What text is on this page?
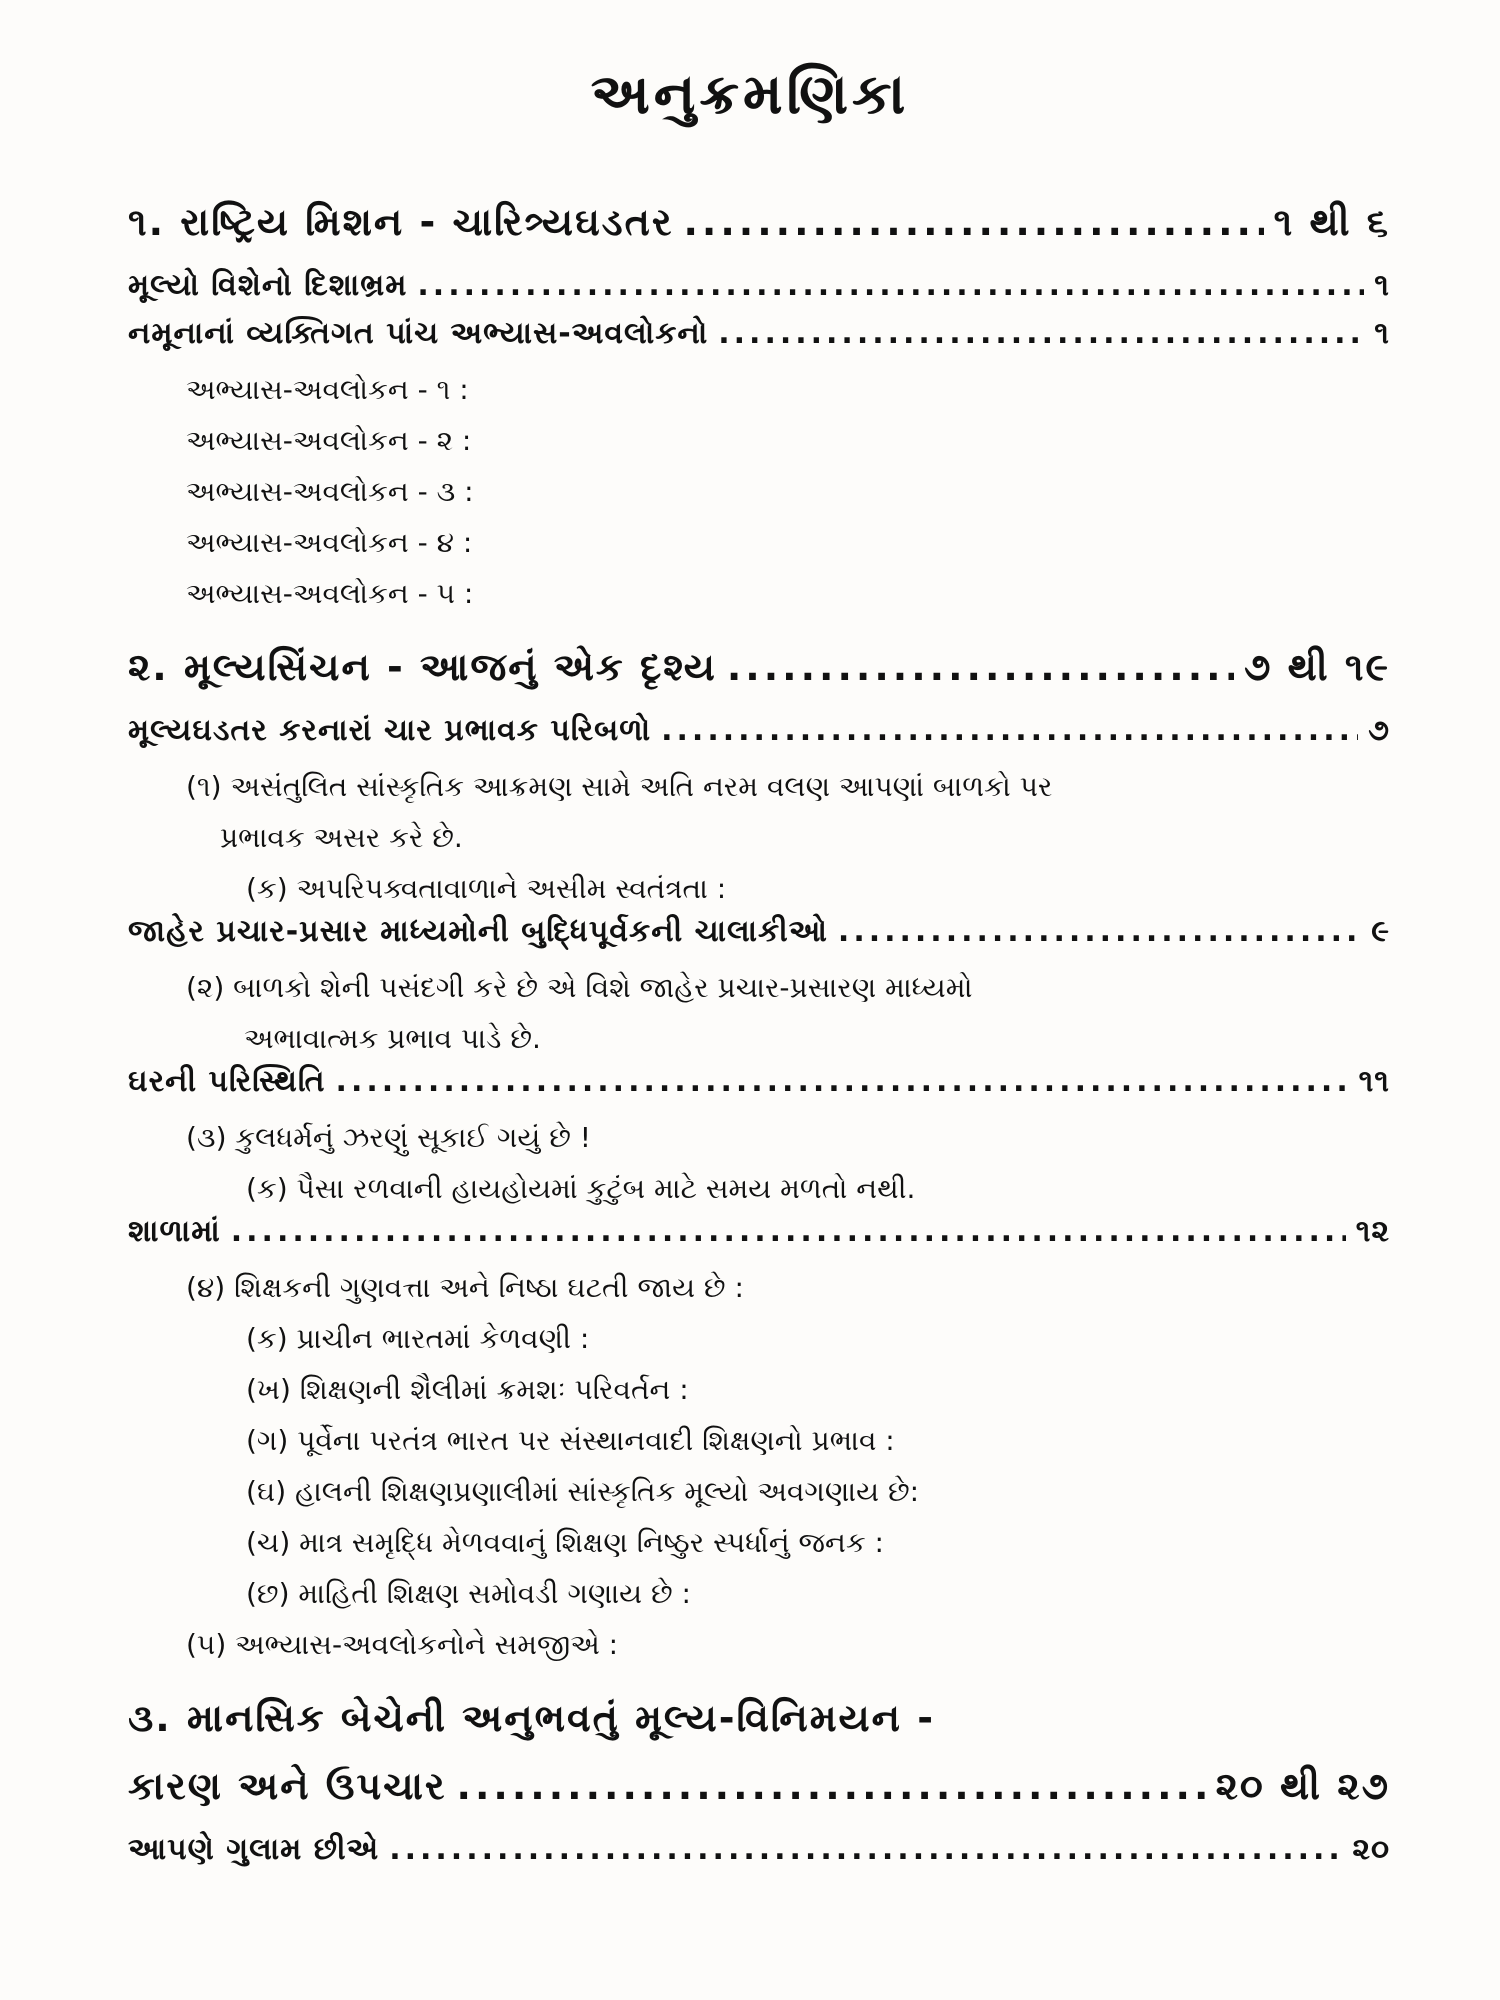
અનુક્રમણિકા
૧. રાષ્ટ્રિય મિશન - ચારિત્ર્યઘડતર .....	૧ થી ૬
મૂલ્યો વિશેનો દિશાભ્રમ .....	૧
નમૂનાનાં વ્યક્તિગત પાંચ અભ્યાસ-અવલોકનો .....	૧
અભ્યાસ-અવલોકન - ૧ :
અભ્યાસ-અવલોકન - ૨ :
અભ્યાસ-અવલોકન - ૩ :
અભ્યાસ-અવલોકન - ૪ :
અભ્યાસ-અવલોકન - ૫ :
૨. મૂલ્યસિંચન - આજનું એક દૃશ્ય .....	૭ થી ૧૯
મૂલ્યઘડતર કરનારાં ચાર પ્રભાવક પરિબળો .....	૭
(૧) અસંતુલિત સાંસ્કૃતિક આક્રમણ સામે અતિ નરમ વલણ આપણાં બાળકો પર
પ્રભાવક અસર કરે છે.
(ક) અપરિપક્વતાવાળાને અસીમ સ્વતંત્રતા :
જાહેર પ્રચાર-પ્રસાર માધ્યમોની બુદ્ધિપૂર્વકની ચાલાકીઓ .....	૯
(૨) બાળકો શેની પસંદગી કરે છે એ વિશે જાહેર પ્રચાર-પ્રસારણ માધ્યમો
અભાવાત્મક પ્રભાવ પાડે છે.
ઘરની પરિસ્થિતિ .....	૧૧
(૩) કુલધર્મનું ઝરણું સૂકાઈ ગયું છે !
(ક) પૈસા રળવાની હાયહોયમાં કુટુંબ માટે સમય મળતો નથી.
શાળામાં .....	૧૨
(૪) શિક્ષકની ગુણવત્તા અને નિષ્ઠા ઘટતી જાય છે :
(ક) પ્રાચીન ભારતમાં કેળવણી :
(ખ) શિક્ષણની શૈલીમાં ક્રમશઃ પરિવર્તન :
(ગ) પૂર્વેના પરતંત્ર ભારત પર સંસ્થાનવાદી શિક્ષણનો પ્રભાવ :
(ઘ) હાલની શિક્ષણપ્રણાલીમાં સાંસ્કૃતિક મૂલ્યો અવગણાય છે:
(ચ) માત્ર સમૃદ્ધિ મેળવવાનું શિક્ષણ નિષ્ઠુર સ્પર્ધાનું જનક :
(છ) માહિતી શિક્ષણ સમોવડી ગણાય છે :
(૫) અભ્યાસ-અવલોકનોને સમજીએ :
૩. માનસિક બેચેની અનુભવતું મૂલ્ય-વિનિમયન -
કારણ અને ઉપચાર .....	૨૦ થી ૨૭
આપણે ગુલામ છીએ .....	૨૦
